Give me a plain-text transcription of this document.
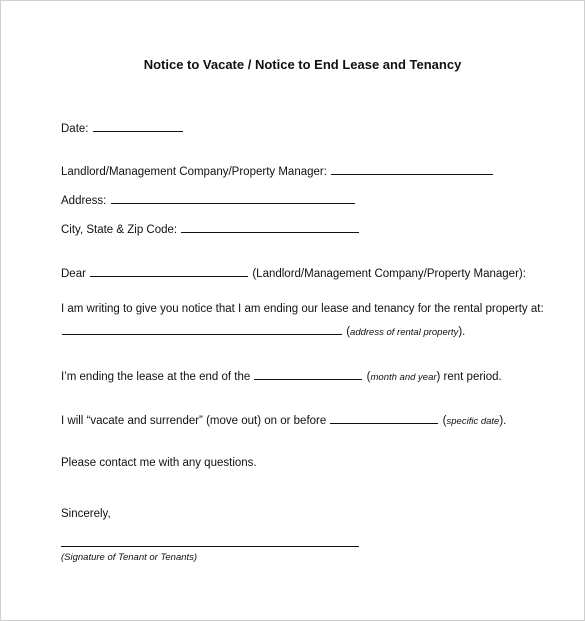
Notice to Vacate / Notice to End Lease and Tenancy
Date:
Landlord/Management Company/Property Manager:
Address:
City, State & Zip Code:
Dear	(Landlord/Management Company/Property Manager):
I am writing to give you notice that I am ending our lease and tenancy for the rental property at:
(address of rental property).
I’m ending the lease at the end of the	(month and year) rent period.
I will “vacate and surrender” (move out) on or before	(specific date).
Please contact me with any questions.
Sincerely,
(Signature of Tenant or Tenants)
